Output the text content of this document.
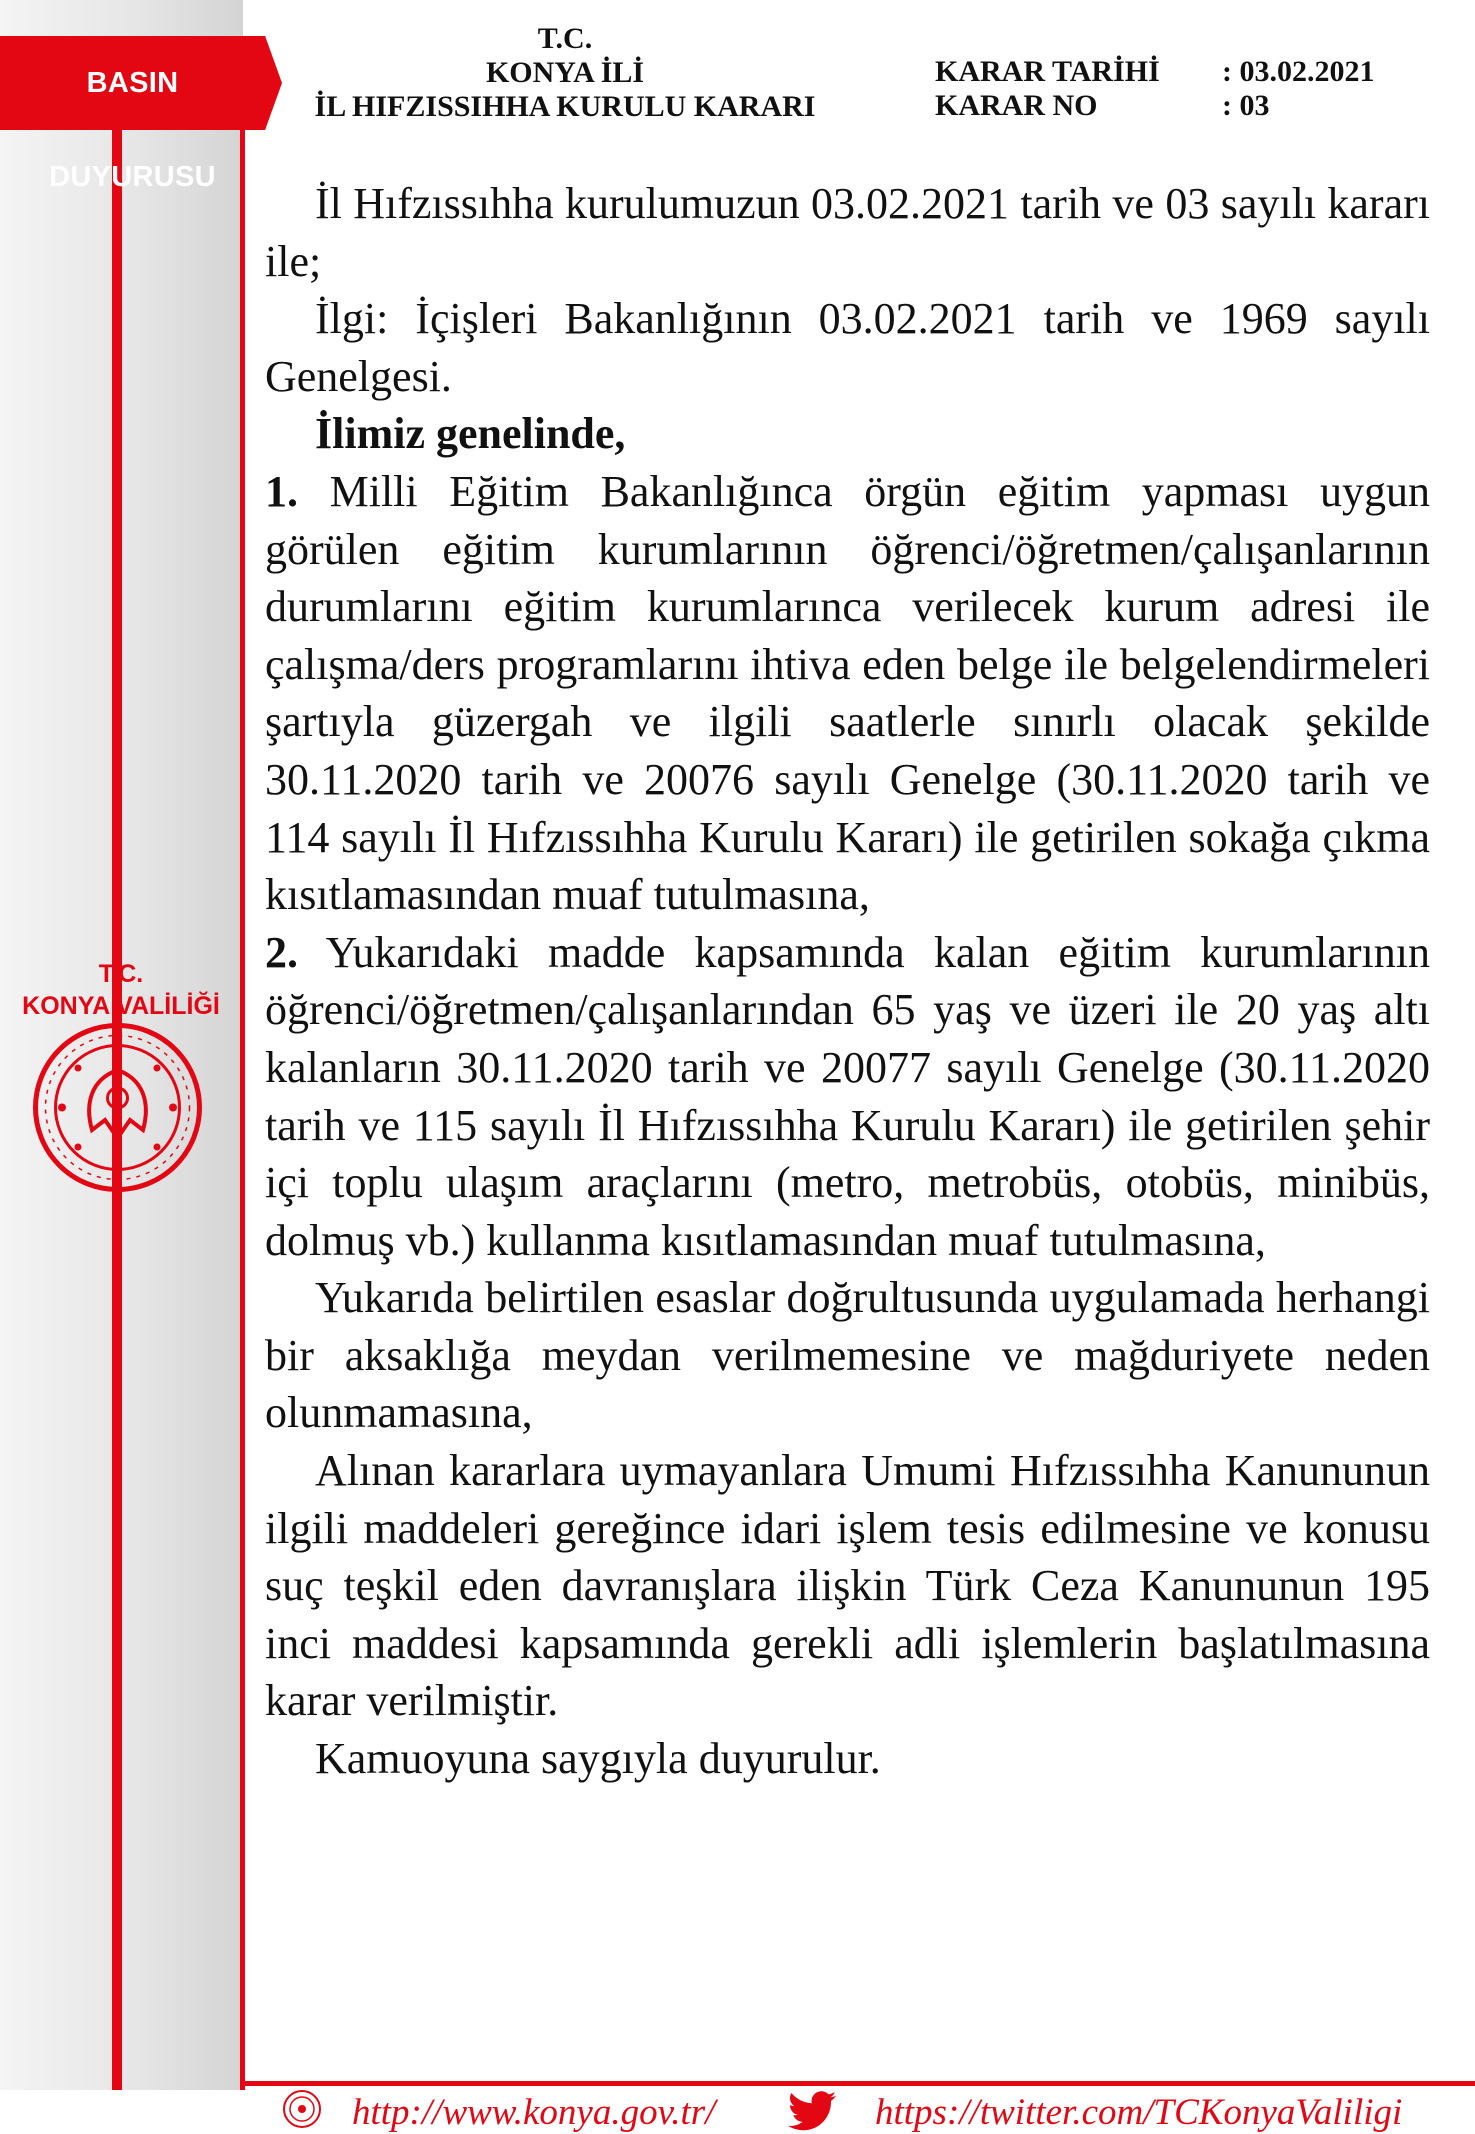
BASIN DUYURUSU
T.C.
KONYA VALİLİĞİ
T.C.
KONYA İLİ
İL HIFZISSIHHA KURULU KARARI
KARAR TARİHİ	: 03.02.2021
KARAR NO	: 03

İl Hıfzıssıhha kurulumuzun 03.02.2021 tarih ve 03 sayılı kararı ile;

İlgi: İçişleri Bakanlığının 03.02.2021 tarih ve 1969 sayılı Genelgesi.

İlimiz genelinde,

1. Milli Eğitim Bakanlığınca örgün eğitim yapması uygun görülen eğitim kurumlarının öğrenci/öğretmen/çalışanlarının durumlarını eğitim kurumlarınca verilecek kurum adresi ile çalışma/ders programlarını ihtiva eden belge ile belgelendirmeleri şartıyla güzergah ve ilgili saatlerle sınırlı olacak şekilde 30.11.2020 tarih ve 20076 sayılı Genelge (30.11.2020 tarih ve 114 sayılı İl Hıfzıssıhha Kurulu Kararı) ile getirilen sokağa çıkma kısıtlamasından muaf tutulmasına,

2. Yukarıdaki madde kapsamında kalan eğitim kurumlarının öğrenci/öğretmen/çalışanlarından 65 yaş ve üzeri ile 20 yaş altı kalanların 30.11.2020 tarih ve 20077 sayılı Genelge (30.11.2020 tarih ve 115 sayılı İl Hıfzıssıhha Kurulu Kararı) ile getirilen şehir içi toplu ulaşım araçlarını (metro, metrobüs, otobüs, minibüs, dolmuş vb.) kullanma kısıtlamasından muaf tutulmasına,

Yukarıda belirtilen esaslar doğrultusunda uygulamada herhangi bir aksaklığa meydan verilmemesine ve mağduriyete neden olunmamasına,

Alınan kararlara uymayanlara Umumi Hıfzıssıhha Kanununun ilgili maddeleri gereğince idari işlem tesis edilmesine ve konusu suç teşkil eden davranışlara ilişkin Türk Ceza Kanununun 195 inci maddesi kapsamında gerekli adli işlemlerin başlatılmasına karar verilmiştir.

Kamuoyuna saygıyla duyurulur.

http://www.konya.gov.tr/	https://twitter.com/TCKonyaValiligi
